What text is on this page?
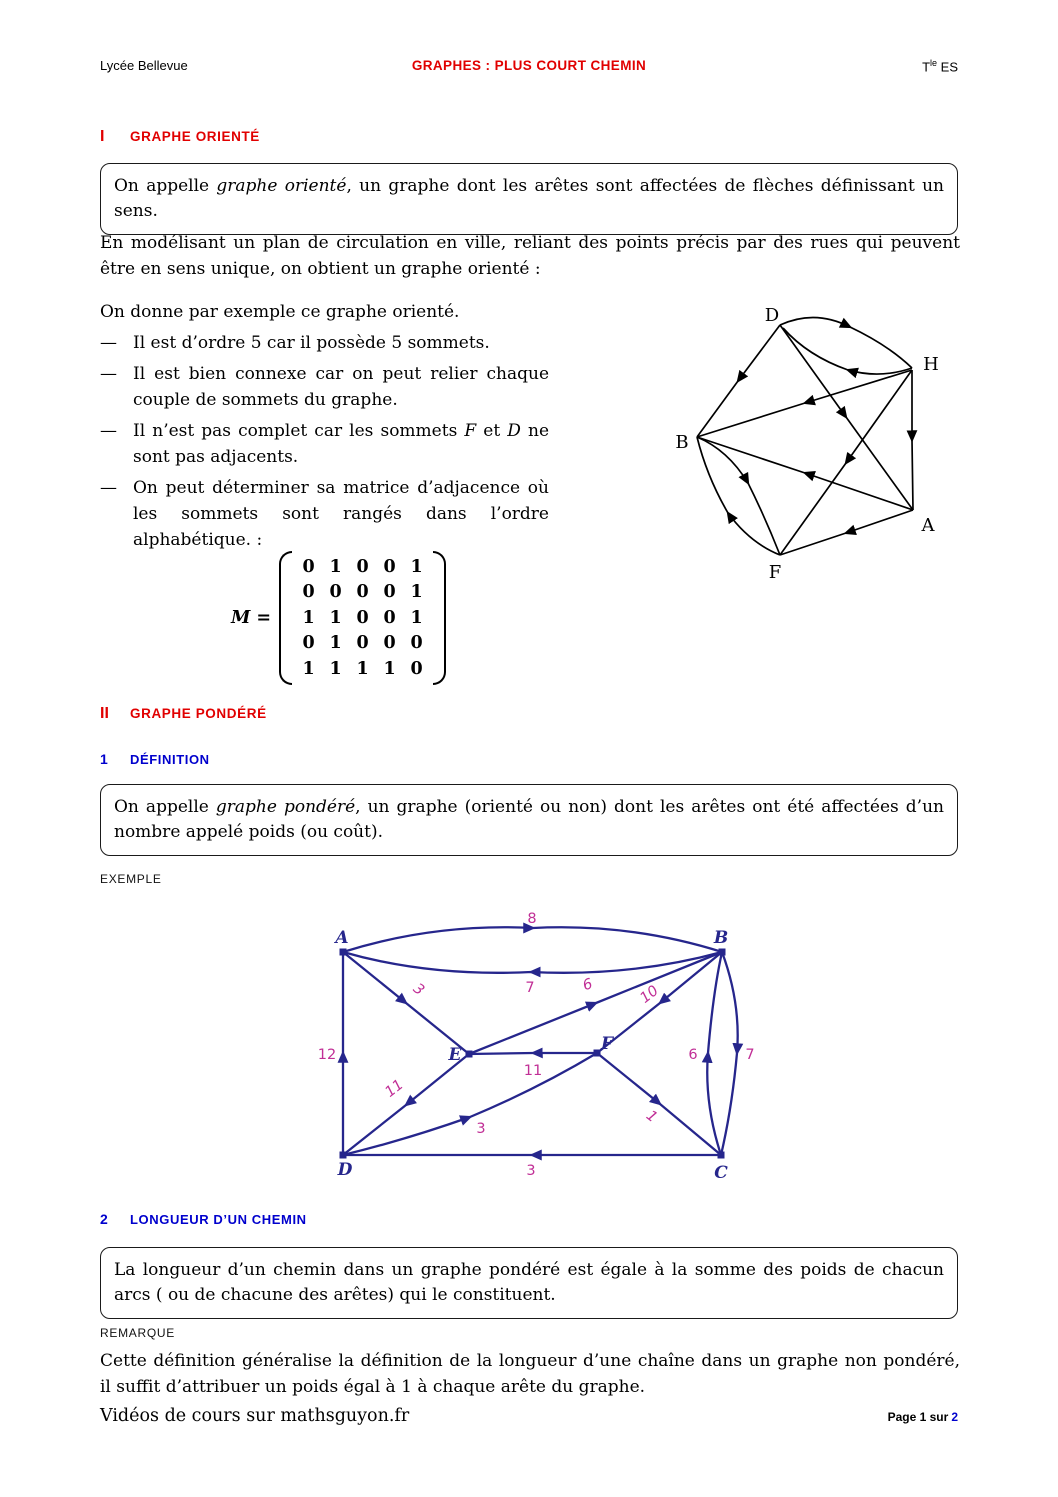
Lycée Bellevue	GRAPHES : PLUS COURT CHEMIN	$T^{le}$ ES
I	GRAPHE ORIENTÉ
On appelle graphe orienté, un graphe dont les arêtes sont affectées de flèches définissant un sens.
En modélisant un plan de circulation en ville, reliant des points précis par des rues qui peuvent être en sens unique, on obtient un graphe orienté :
On donne par exemple ce graphe orienté.
— Il est d’ordre 5 car il possède 5 sommets.
— Il est bien connexe car on peut relier chaque couple de sommets du graphe.
— Il n’est pas complet car les sommets F et D ne sont pas adjacents.
— On peut déterminer sa matrice d’adjacence où les sommets sont rangés dans l’ordre alphabétique. :
D
H
B
A
F
M =
0 1 0 0 1
0 0 0 0 1
1 1 0 0 1
0 1 0 0 0
1 1 1 1 0
II	GRAPHE PONDÉRÉ
1	DÉFINITION
On appelle graphe pondéré, un graphe (orienté ou non) dont les arêtes ont été affectées d’un nombre appelé poids (ou coût).
EXEMPLE
A	B
E
F
D	C
8
7
3	6	10
11
12
11
3
1
3
6	7
2	LONGUEUR D’UN CHEMIN
La longueur d’un chemin dans un graphe pondéré est égale à la somme des poids de chacun arcs ( ou de chacune des arêtes) qui le constituent.
REMARQUE
Cette définition généralise la définition de la longueur d’une chaîne dans un graphe non pondéré, il suffit d’attribuer un poids égal à 1 à chaque arête du graphe.
Vidéos de cours sur mathsguyon.fr	Page 1 sur 2
